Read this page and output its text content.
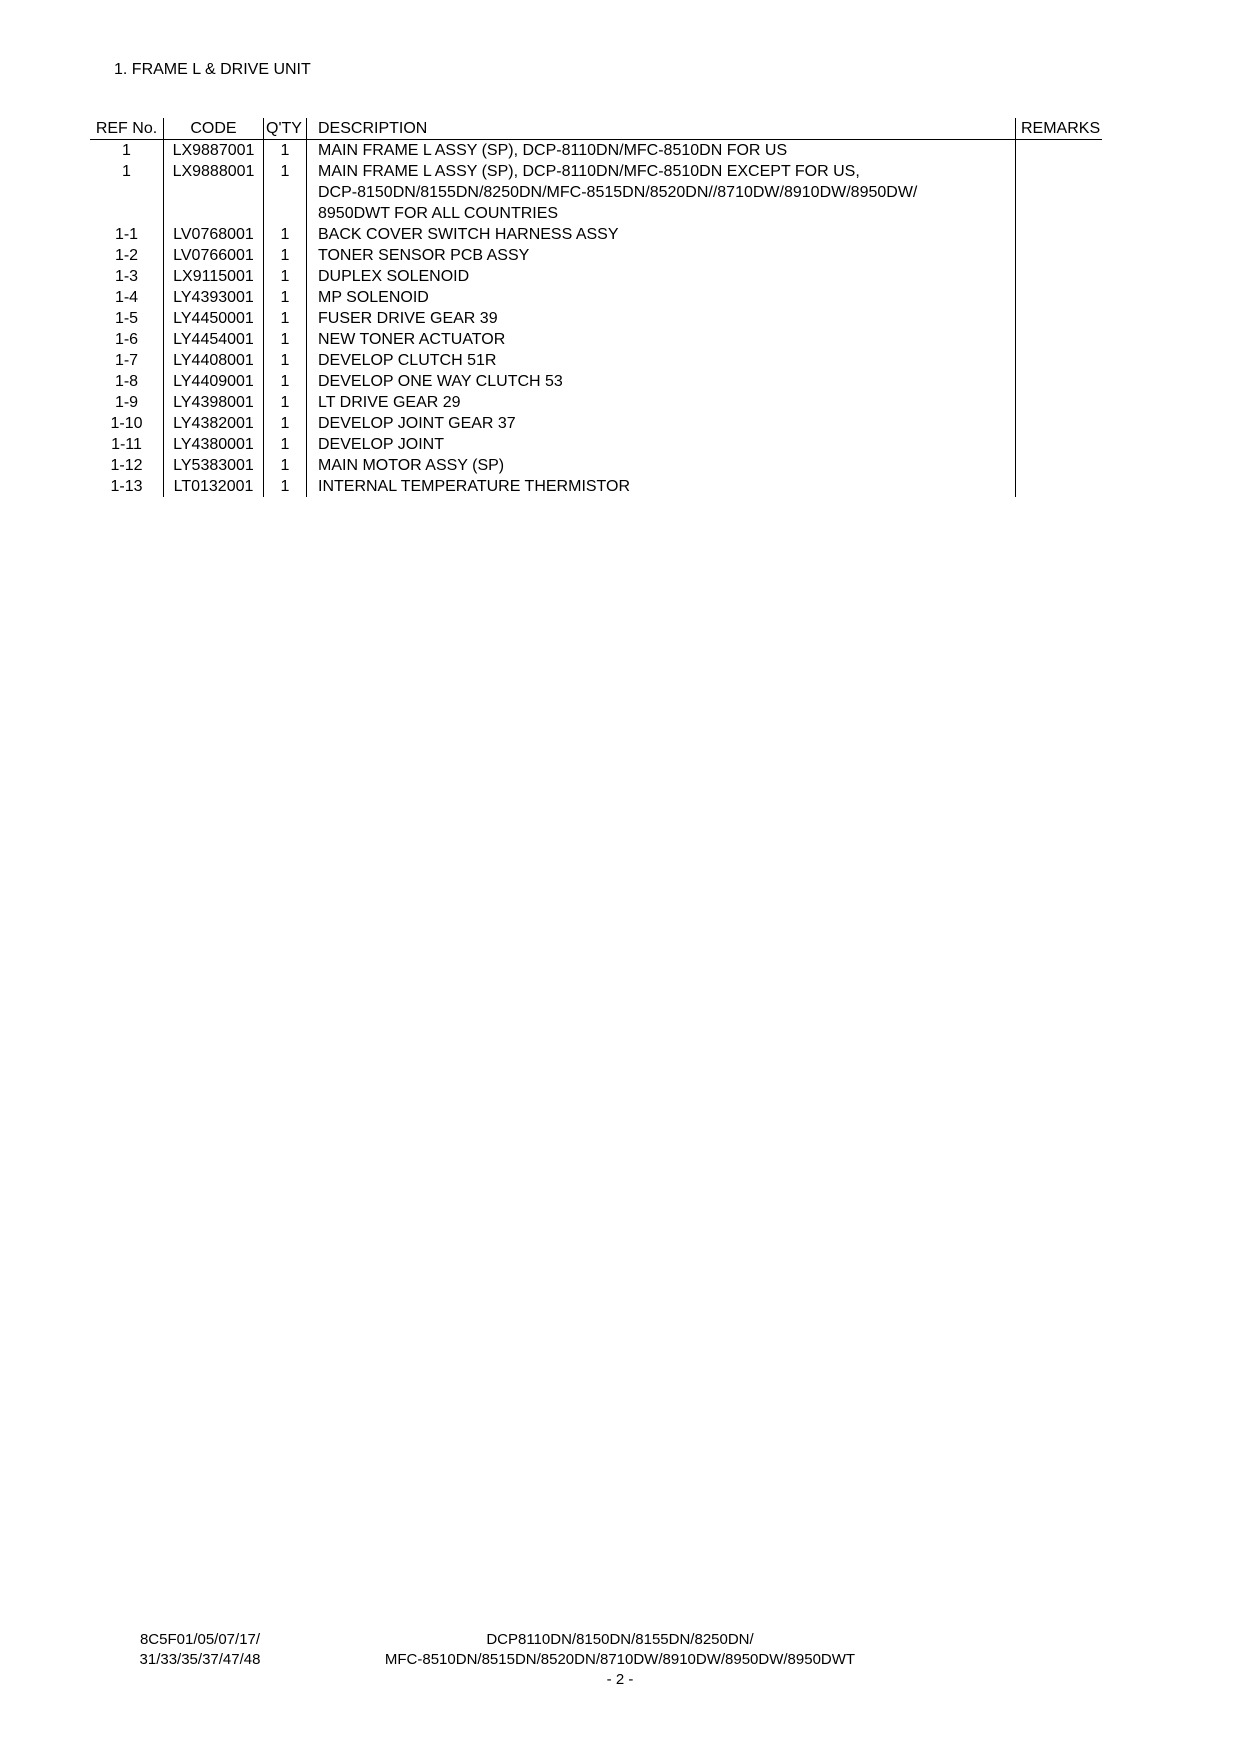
1. FRAME L & DRIVE UNIT
REF No.	CODE	Q'TY	DESCRIPTION	REMARKS
1	LX9887001	1	MAIN FRAME L ASSY (SP), DCP-8110DN/MFC-8510DN FOR US
1	LX9888001	1	MAIN FRAME L ASSY (SP), DCP-8110DN/MFC-8510DN EXCEPT FOR US,
DCP-8150DN/8155DN/8250DN/MFC-8515DN/8520DN//8710DW/8910DW/8950DW/
8950DWT FOR ALL COUNTRIES
1-1	LV0768001	1	BACK COVER SWITCH HARNESS ASSY
1-2	LV0766001	1	TONER SENSOR PCB ASSY
1-3	LX9115001	1	DUPLEX SOLENOID
1-4	LY4393001	1	MP SOLENOID
1-5	LY4450001	1	FUSER DRIVE GEAR 39
1-6	LY4454001	1	NEW TONER ACTUATOR
1-7	LY4408001	1	DEVELOP CLUTCH 51R
1-8	LY4409001	1	DEVELOP ONE WAY CLUTCH 53
1-9	LY4398001	1	LT DRIVE GEAR 29
1-10	LY4382001	1	DEVELOP JOINT GEAR 37
1-11	LY4380001	1	DEVELOP JOINT
1-12	LY5383001	1	MAIN MOTOR ASSY (SP)
1-13	LT0132001	1	INTERNAL TEMPERATURE THERMISTOR
8C5F01/05/07/17/
31/33/35/37/47/48
DCP8110DN/8150DN/8155DN/8250DN/
MFC-8510DN/8515DN/8520DN/8710DW/8910DW/8950DW/8950DWT
- 2 -
